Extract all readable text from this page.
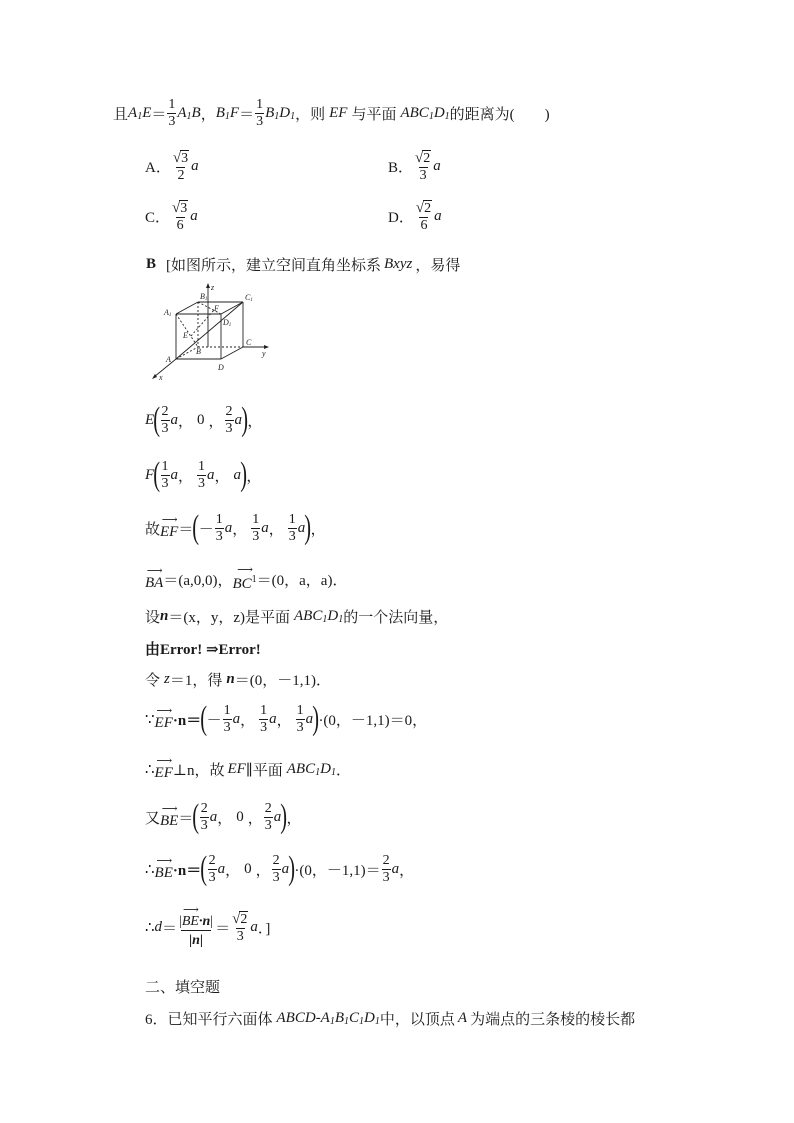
且 $A_1E = \frac{1}{3} A_1B$ ， $B_1F = \frac{1}{3} B_1D_1$ ，则 EF 与平面 $ABC_1D_1$ 的距离为(　　)
A． $\frac{√ 3}{2}$ a	B． $\frac{√ 2}{3}$ a
C． $\frac{√ 3}{6}$ a	D． $\frac{√ 2}{6}$ a
B [如图所示，建立空间直角坐标系 Bxyz ，易得
z
B1	C1
A1
F
D1
E
B
A
C
y
D
x
E ( $\frac{2}{3}$ a ， 0 ， $\frac{2}{3}$ a ) ，
F ( $\frac{1}{3}$ a ， $\frac{1}{3}$ a ， a ) ，
故
⟶
EF ＝ ( － $\frac{1}{3}$ a ， $\frac{1}{3}$ a ， $\frac{1}{3}$ a ) ，
⟶
BA ＝(a,0,0)，
⟶
$BC^1 =(0$，a，a)．
设 n ＝(x，y，z)是平面 $ABC_1D_1$ 的一个法向量，
由Error! ⇒Error!
令 z ＝1，得 n ＝(0，－1,1)．
∵
⟶
EF ·n＝ ( － $\frac{1}{3}$ a ， $\frac{1}{3}$ a ， $\frac{1}{3}$ a ) ·(0，－1,1)＝0，
∴
⟶
EF ⊥n，故 EF ∥平面 $ABC_1D_1$ ．
又
⟶
BE ＝ ( $\frac{2}{3}$ a ， 0 ， $\frac{2}{3}$ a ) ，
∴
⟶
BE ·n＝ ( $\frac{2}{3}$ a ， 0 ， $\frac{2}{3}$ a ) ·(0，$-1,1)= \frac{2}{3}$ a ，
∴ d ＝ |
⟶
BE ·n |
$|n| = \frac{√ 2}{3}$ a ．]
二、填空题
6．已知平行六面体 ABCD $-A_1B_1C_1D_1$ 中，以顶点 A 为端点的三条棱的棱长都
